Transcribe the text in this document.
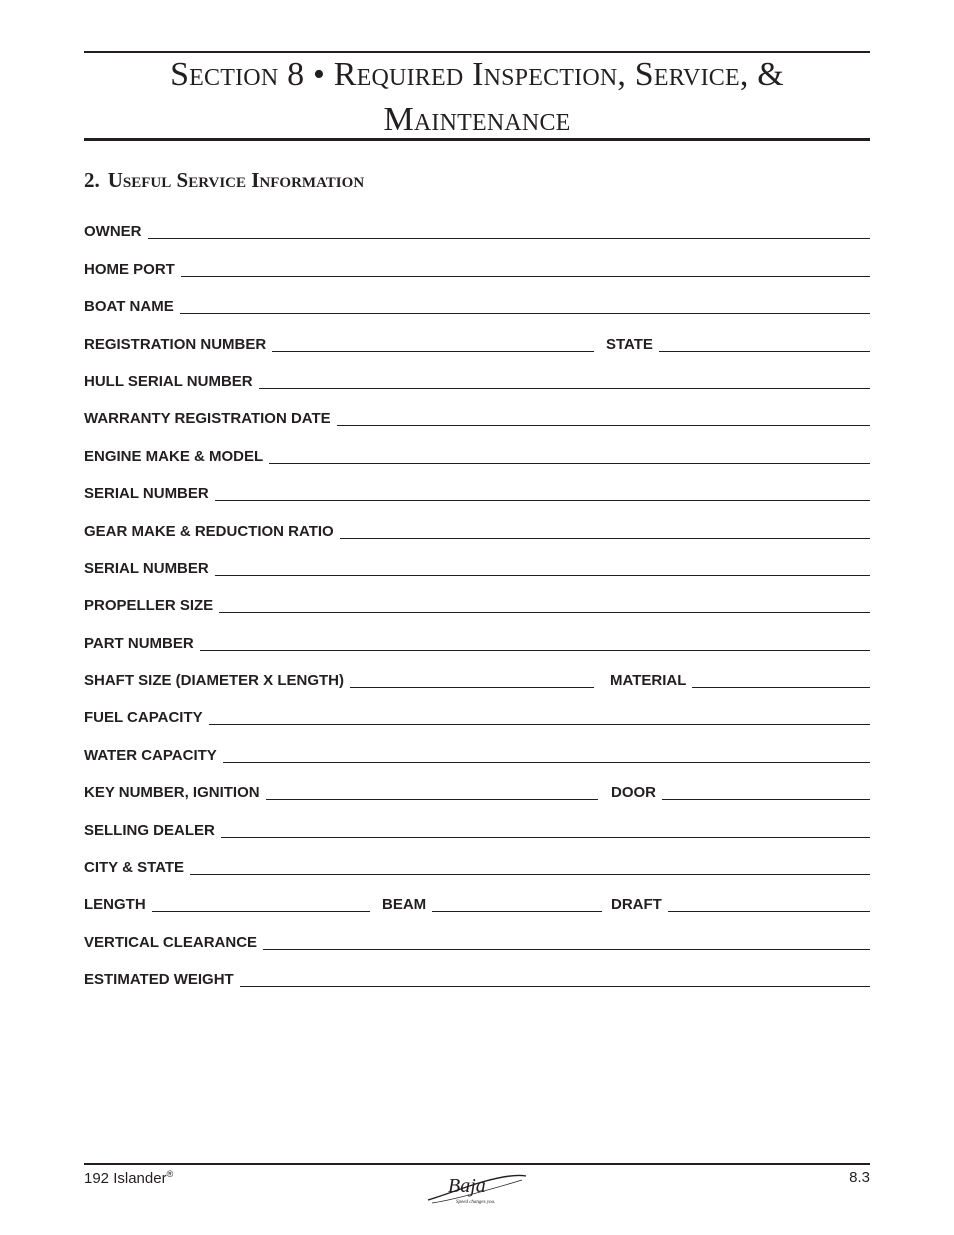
Section 8 • Required Inspection, Service, &
Maintenance
2. Useful Service Information
OWNER
HOME PORT
BOAT NAME
REGISTRATION NUMBER	STATE
HULL SERIAL NUMBER
WARRANTY REGISTRATION DATE
ENGINE MAKE & MODEL
SERIAL NUMBER
GEAR MAKE & REDUCTION RATIO
SERIAL NUMBER
PROPELLER SIZE
PART NUMBER
SHAFT SIZE (DIAMETER X LENGTH)	MATERIAL
FUEL CAPACITY
WATER CAPACITY
KEY NUMBER, IGNITION	DOOR
SELLING DEALER
CITY & STATE
LENGTH	BEAM	DRAFT
VERTICAL CLEARANCE
ESTIMATED WEIGHT
192 Islander®
Baja
Speed changes you.
8.3
